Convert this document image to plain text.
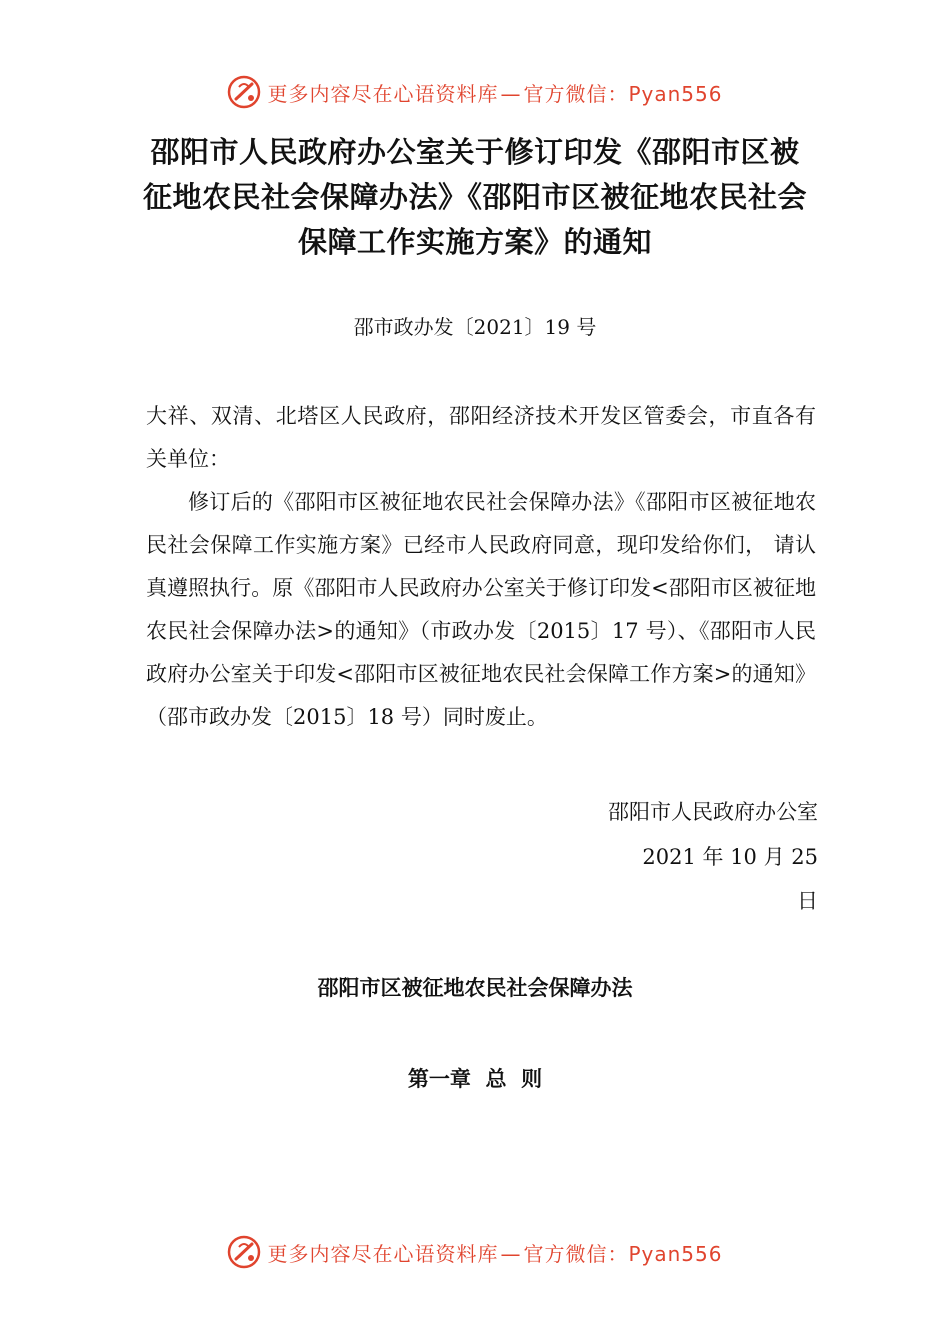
更多内容尽在心语资料库 — 官方微信：Pyan556
邵阳市人民政府办公室关于修订印发《邵阳市区被征地农民社会保障办法》《邵阳市区被征地农民社会保障工作实施方案》的通知
邵市政办发〔2021〕19 号
大祥、双清、北塔区人民政府，邵阳经济技术开发区管委会，市直各有关单位：
修订后的《邵阳市区被征地农民社会保障办法》《邵阳市区被征地农民社会保障工作实施方案》已经市人民政府同意，现印发给你们， 请认真遵照执行。原《邵阳市人民政府办公室关于修订印发<邵阳市区被征地农民社会保障办法>的通知》（市政办发〔2015〕17 号）、《邵阳市人民政府办公室关于印发<邵阳市区被征地农民社会保障工作方案>的通知》（邵市政办发〔2015〕18 号）同时废止。
邵阳市人民政府办公室
2021 年 10 月 25
日
邵阳市区被征地农民社会保障办法
第一章  总  则
更多内容尽在心语资料库 — 官方微信：Pyan556
